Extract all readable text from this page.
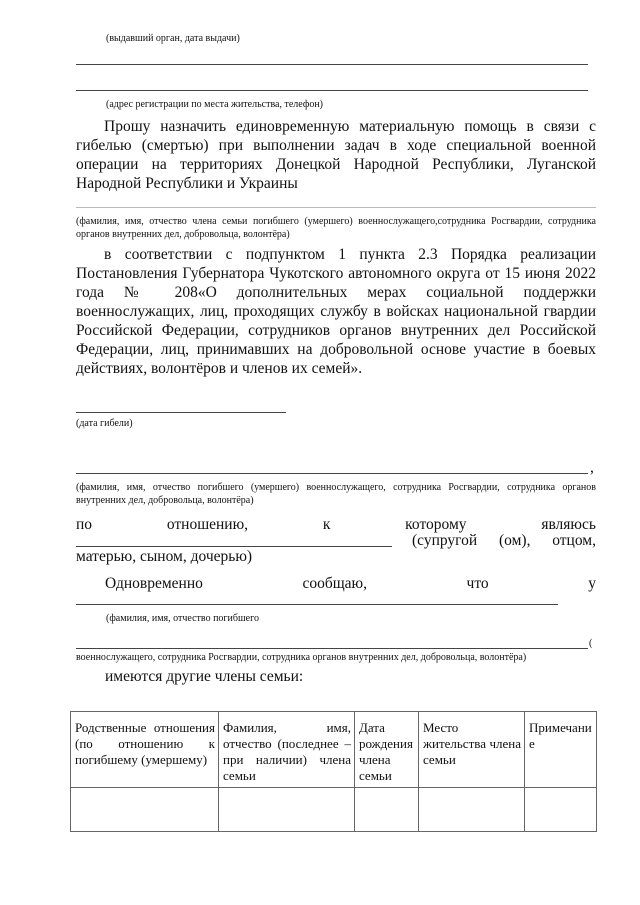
(выдавший орган, дата выдачи)
(адрес регистрации по места жительства, телефон)
Прошу назначить единовременную материальную помощь в связи с гибелью (смертью) при выполнении задач в ходе специальной военной операции на территориях Донецкой Народной Республики, Луганской Народной Республики и Украины
(фамилия, имя, отчество члена семьи погибшего (умершего) военнослужащего,сотрудника Росгвардии, сотрудника органов внутренних дел, добровольца, волонтёра)
в соответствии с подпунктом 1 пункта 2.3 Порядка реализации Постановления Губернатора Чукотского автономного округа от 15 июня 2022 года № 208«О дополнительных мерах социальной поддержки военнослужащих, лиц, проходящих службу в войсках национальной гвардии Российской Федерации, сотрудников органов внутренних дел Российской Федерации, лиц, принимавших на добровольной основе участие в боевых действиях, волонтёров и членов их семей».
(дата гибели)
,
(фамилия, имя, отчество погибшего (умершего) военнослужащего, сотрудника Росгвардии, сотрудника органов внутренних дел, добровольца, волонтёра)
по	отношению,	к	которому	являюсь
(супругой (ом), отцом,
матерью, сыном, дочерью)
Одновременно	сообщаю,	что	у
(фамилия, имя, отчество погибшего
(
военнослужащего, сотрудника Росгвардии, сотрудника органов внутренних дел, добровольца, волонтёра)
имеются другие члены семьи:
Родственные отношения (по отношению к погибшему (умершему)	Фамилия, имя, отчество (последнее – при наличии) члена семьи	Дата рождения члена семьи	Место жительства члена семьи	Примечание
